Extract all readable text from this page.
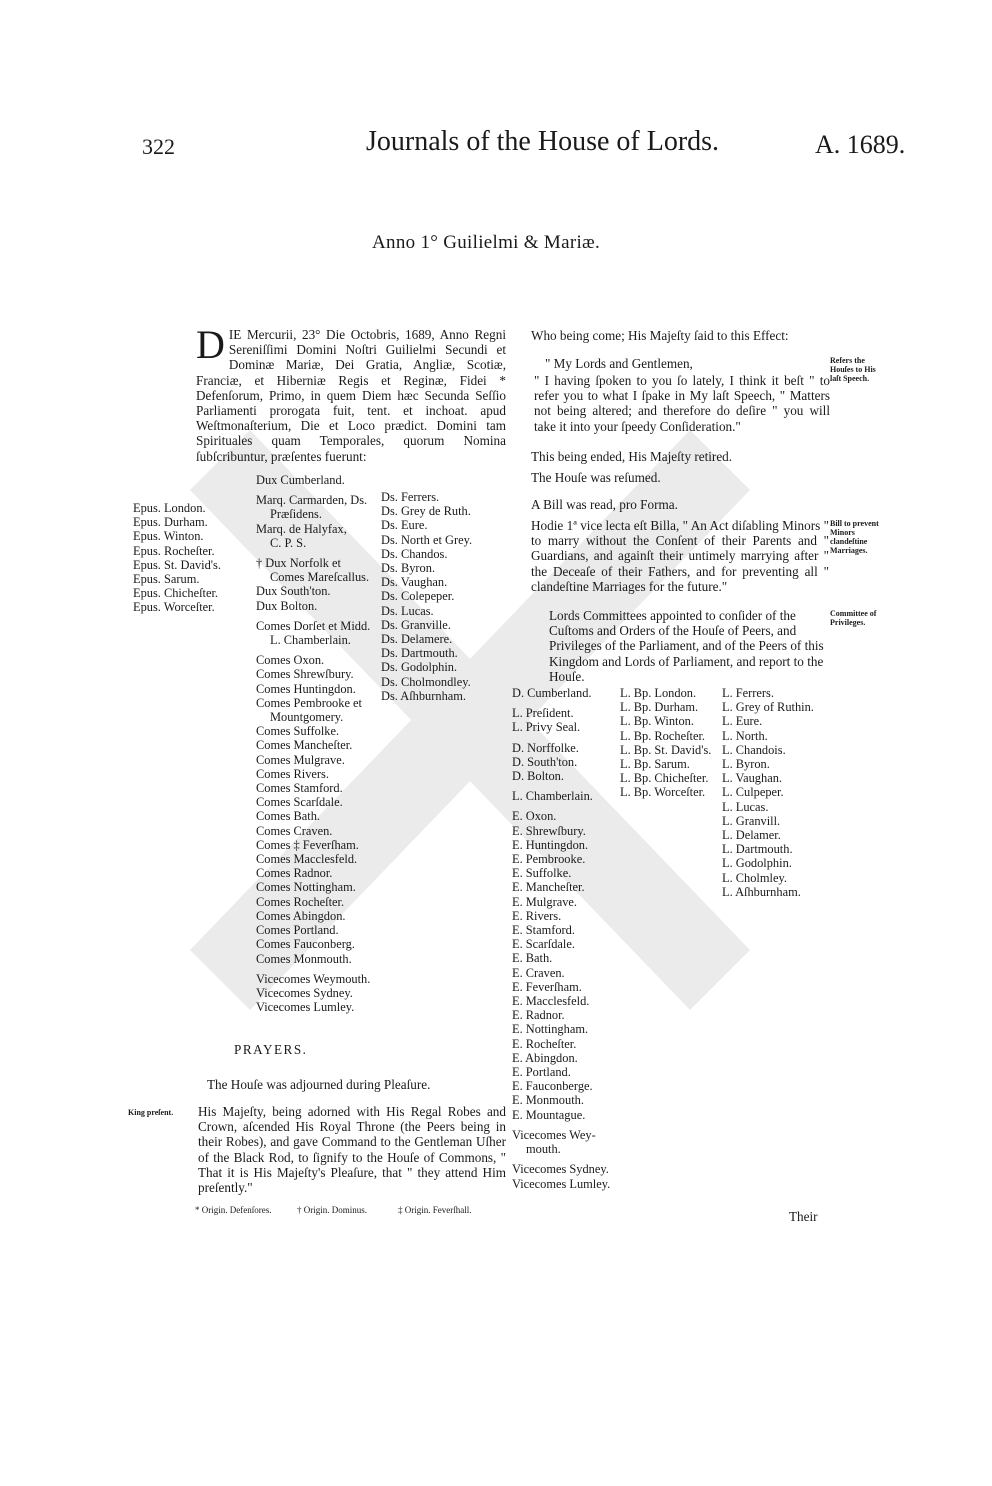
322	Journals of the House of Lords.	A. 1689.
Anno 1° Guilielmi & Mariæ.
D IE Mercurii, 23° Die Octobris, 1689, Anno Regni Sereniſſimi Domini Noſtri Guilielmi Secundi et Dominæ Mariæ, Dei Gratia, Angliæ, Scotiæ, Franciæ, et Hiberniæ Regis et Reginæ, Fidei * Defenſorum, Primo, in quem Diem hæc Secunda Seſſio Parliamenti prorogata fuit, tent. et inchoat. apud Weſtmonaſterium, Die et Loco prædict. Domini tam Spirituales quam Temporales, quorum Nomina ſubſcribuntur, præſentes fuerunt:

Epus. London.
Epus. Durham.
Epus. Winton.
Epus. Rocheſter.
Epus. St. David's.
Epus. Sarum.
Epus. Chicheſter.
Epus. Worceſter.
Dux Cumberland.
Marq. Carmarden, Ds.
Præſidens.
Marq. de Halyfax,
C. P. S.
† Dux Norfolk et
Comes Mareſcallus.
Dux South'ton.
Dux Bolton.
Comes Dorſet et Midd.
L. Chamberlain.
Comes Oxon.
Comes Shrewſbury.
Comes Huntingdon.
Comes Pembrooke et
Mountgomery.
Comes Suffolke.
Comes Mancheſter.
Comes Mulgrave.
Comes Rivers.
Comes Stamford.
Comes Scarſdale.
Comes Bath.
Comes Craven.
Comes ‡ Feverſham.
Comes Macclesfeld.
Comes Radnor.
Comes Nottingham.
Comes Rocheſter.
Comes Abingdon.
Comes Portland.
Comes Fauconberg.
Comes Monmouth.
Vicecomes Weymouth.
Vicecomes Sydney.
Vicecomes Lumley.
Ds. Ferrers.
Ds. Grey de Ruth.
Ds. Eure.
Ds. North et Grey.
Ds. Chandos.
Ds. Byron.
Ds. Vaughan.
Ds. Colepeper.
Ds. Lucas.
Ds. Granville.
Ds. Delamere.
Ds. Dartmouth.
Ds. Godolphin.
Ds. Cholmondley.
Ds. Aſhburnham.
PRAYERS.
The Houſe was adjourned during Pleaſure.
King preſent.	His Majeſty, being adorned with His Regal Robes and Crown, aſcended His Royal Throne (the Peers being in their Robes), and gave Command to the Gentleman Uſher of the Black Rod, to ſignify to the Houſe of Commons, " That it is His Majeſty's Pleaſure, that " they attend Him preſently."
* Origin. Defenſores.	† Origin. Dominus.	‡ Origin. Feverſhall.
Who being come; His Majeſty ſaid to this Effect:
" My Lords and Gentlemen,
" I having ſpoken to you ſo lately, I think it beſt " to refer you to what I ſpake in My laſt Speech, " Matters not being altered; and therefore do deſire " you will take it into your ſpeedy Conſideration."
Refers the Houſes to His laſt Speech.
This being ended, His Majeſty retired.
The Houſe was reſumed.
A Bill was read, pro Forma.
Hodie 1ª vice lecta eſt Billa, " An Act diſabling Minors " to marry without the Conſent of their Parents and " Guardians, and againſt their untimely marrying after " the Deceaſe of their Fathers, and for preventing all " clandeſtine Marriages for the future."
Bill to prevent Minors clandeſtine Marriages.
Lords Committees appointed to conſider of the Cuſtoms and Orders of the Houſe of Peers, and Privileges of the Parliament, and of the Peers of this Kingdom and Lords of Parliament, and report to the Houſe.
Committee of Privileges.
D. Cumberland.
L. Preſident.
L. Privy Seal.
D. Norffolke.
D. South'ton.
D. Bolton.
L. Chamberlain.
E. Oxon.
E. Shrewſbury.
E. Huntingdon.
E. Pembrooke.
E. Suffolke.
E. Mancheſter.
E. Mulgrave.
E. Rivers.
E. Stamford.
E. Scarſdale.
E. Bath.
E. Craven.
E. Feverſham.
E. Macclesfeld.
E. Radnor.
E. Nottingham.
E. Rocheſter.
E. Abingdon.
E. Portland.
E. Fauconberge.
E. Monmouth.
E. Mountague.
Vicecomes Wey-
mouth.
Vicecomes Sydney.
Vicecomes Lumley.
L. Bp. London.
L. Bp. Durham.
L. Bp. Winton.
L. Bp. Rocheſter.
L. Bp. St. David's.
L. Bp. Sarum.
L. Bp. Chicheſter.
L. Bp. Worceſter.
L. Ferrers.
L. Grey of Ruthin.
L. Eure.
L. North.
L. Chandois.
L. Byron.
L. Vaughan.
L. Culpeper.
L. Lucas.
L. Granvill.
L. Delamer.
L. Dartmouth.
L. Godolphin.
L. Cholmley.
L. Aſhburnham.
Their
